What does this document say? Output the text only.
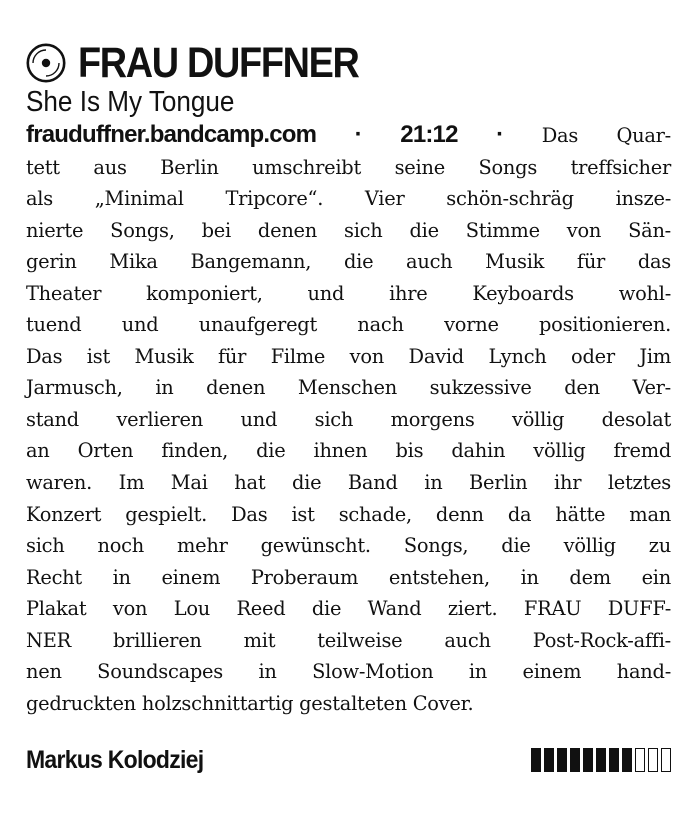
FRAU DUFFNER
She Is My Tongue
frauduffner.bandcamp.com · 21:12 · Das Quar-
tett aus Berlin umschreibt seine Songs treffsicher
als „Minimal Tripcore“. Vier schön-schräg insze-
nierte Songs, bei denen sich die Stimme von Sän-
gerin Mika Bangemann, die auch Musik für das
Theater komponiert, und ihre Keyboards wohl-
tuend und unaufgeregt nach vorne positionieren.
Das ist Musik für Filme von David Lynch oder Jim
Jarmusch, in denen Menschen sukzessive den Ver-
stand verlieren und sich morgens völlig desolat
an Orten finden, die ihnen bis dahin völlig fremd
waren. Im Mai hat die Band in Berlin ihr letztes
Konzert gespielt. Das ist schade, denn da hätte man
sich noch mehr gewünscht. Songs, die völlig zu
Recht in einem Proberaum entstehen, in dem ein
Plakat von Lou Reed die Wand ziert. FRAU DUFF-
NER brillieren mit teilweise auch Post-Rock-affi-
nen Soundscapes in Slow-Motion in einem hand-
gedruckten holzschnittartig gestalteten Cover.
Markus Kolodziej
